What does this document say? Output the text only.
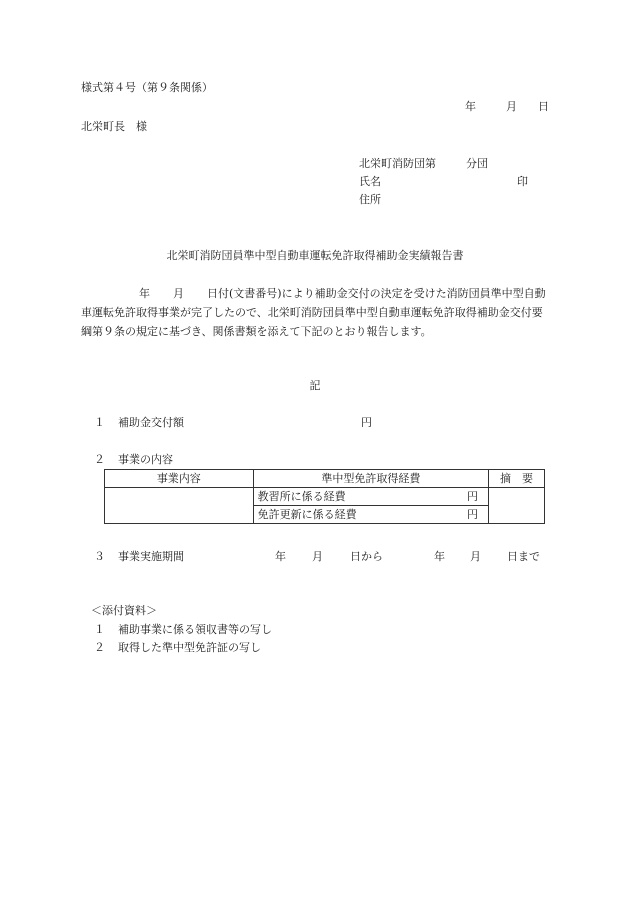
様式第４号（第９条関係）
年	月 日
北栄町長　様
北栄町消防団第	分団
氏名	印
住所
北栄町消防団員準中型自動車運転免許取得補助金実績報告書
年 月 日付(文書番号)により補助金交付の決定を受けた消防団員準中型自動車運転免許取得事業が完了したので、北栄町消防団員準中型自動車運転免許取得補助金交付要綱第９条の規定に基づき、関係書類を添えて下記のとおり報告します。
記
１ 補助金交付額	円
２ 事業の内容
事業内容	準中型免許取得経費	摘　要

	教習所に係る経費 円	

	免許更新に係る経費 円	
３ 事業実施期間	年 月 日から	年 月 日まで
＜添付資料＞
１ 補助事業に係る領収書等の写し
２ 取得した準中型免許証の写し
